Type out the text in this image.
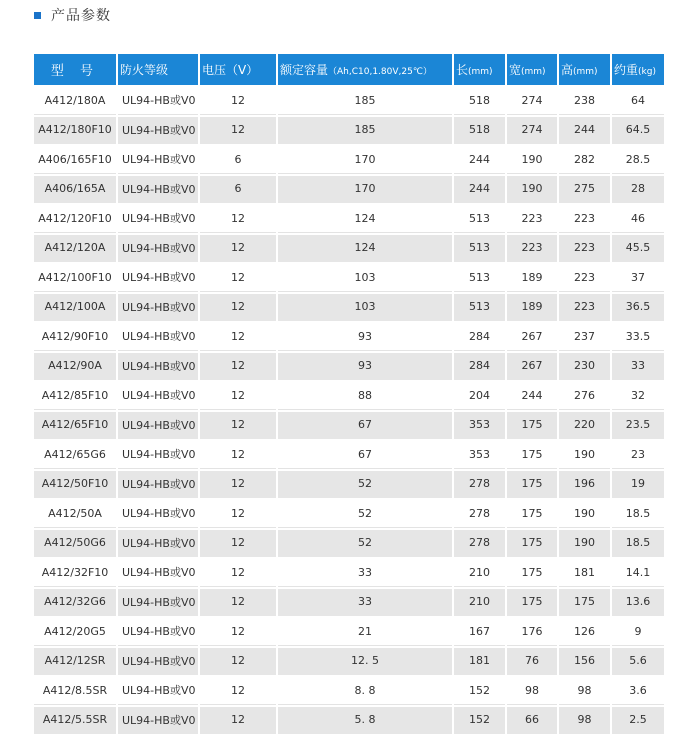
产品参数
型 号	防火等级	电压（V）	额定容量（Ah,C10,1.80V,25℃）	长(mm)	宽(mm)	高(mm)	约重(kg)
A412/180A	UL94-HB或V0	12	185	518	274	238	64
A412/180F10	UL94-HB或V0	12	185	518	274	244	64.5
A406/165F10	UL94-HB或V0	6	170	244	190	282	28.5
A406/165A	UL94-HB或V0	6	170	244	190	275	28
A412/120F10	UL94-HB或V0	12	124	513	223	223	46
A412/120A	UL94-HB或V0	12	124	513	223	223	45.5
A412/100F10	UL94-HB或V0	12	103	513	189	223	37
A412/100A	UL94-HB或V0	12	103	513	189	223	36.5
A412/90F10	UL94-HB或V0	12	93	284	267	237	33.5
A412/90A	UL94-HB或V0	12	93	284	267	230	33
A412/85F10	UL94-HB或V0	12	88	204	244	276	32
A412/65F10	UL94-HB或V0	12	67	353	175	220	23.5
A412/65G6	UL94-HB或V0	12	67	353	175	190	23
A412/50F10	UL94-HB或V0	12	52	278	175	196	19
A412/50A	UL94-HB或V0	12	52	278	175	190	18.5
A412/50G6	UL94-HB或V0	12	52	278	175	190	18.5
A412/32F10	UL94-HB或V0	12	33	210	175	181	14.1
A412/32G6	UL94-HB或V0	12	33	210	175	175	13.6
A412/20G5	UL94-HB或V0	12	21	167	176	126	9
A412/12SR	UL94-HB或V0	12	12. 5	181	76	156	5.6
A412/8.5SR	UL94-HB或V0	12	8. 8	152	98	98	3.6
A412/5.5SR	UL94-HB或V0	12	5. 8	152	66	98	2.5
